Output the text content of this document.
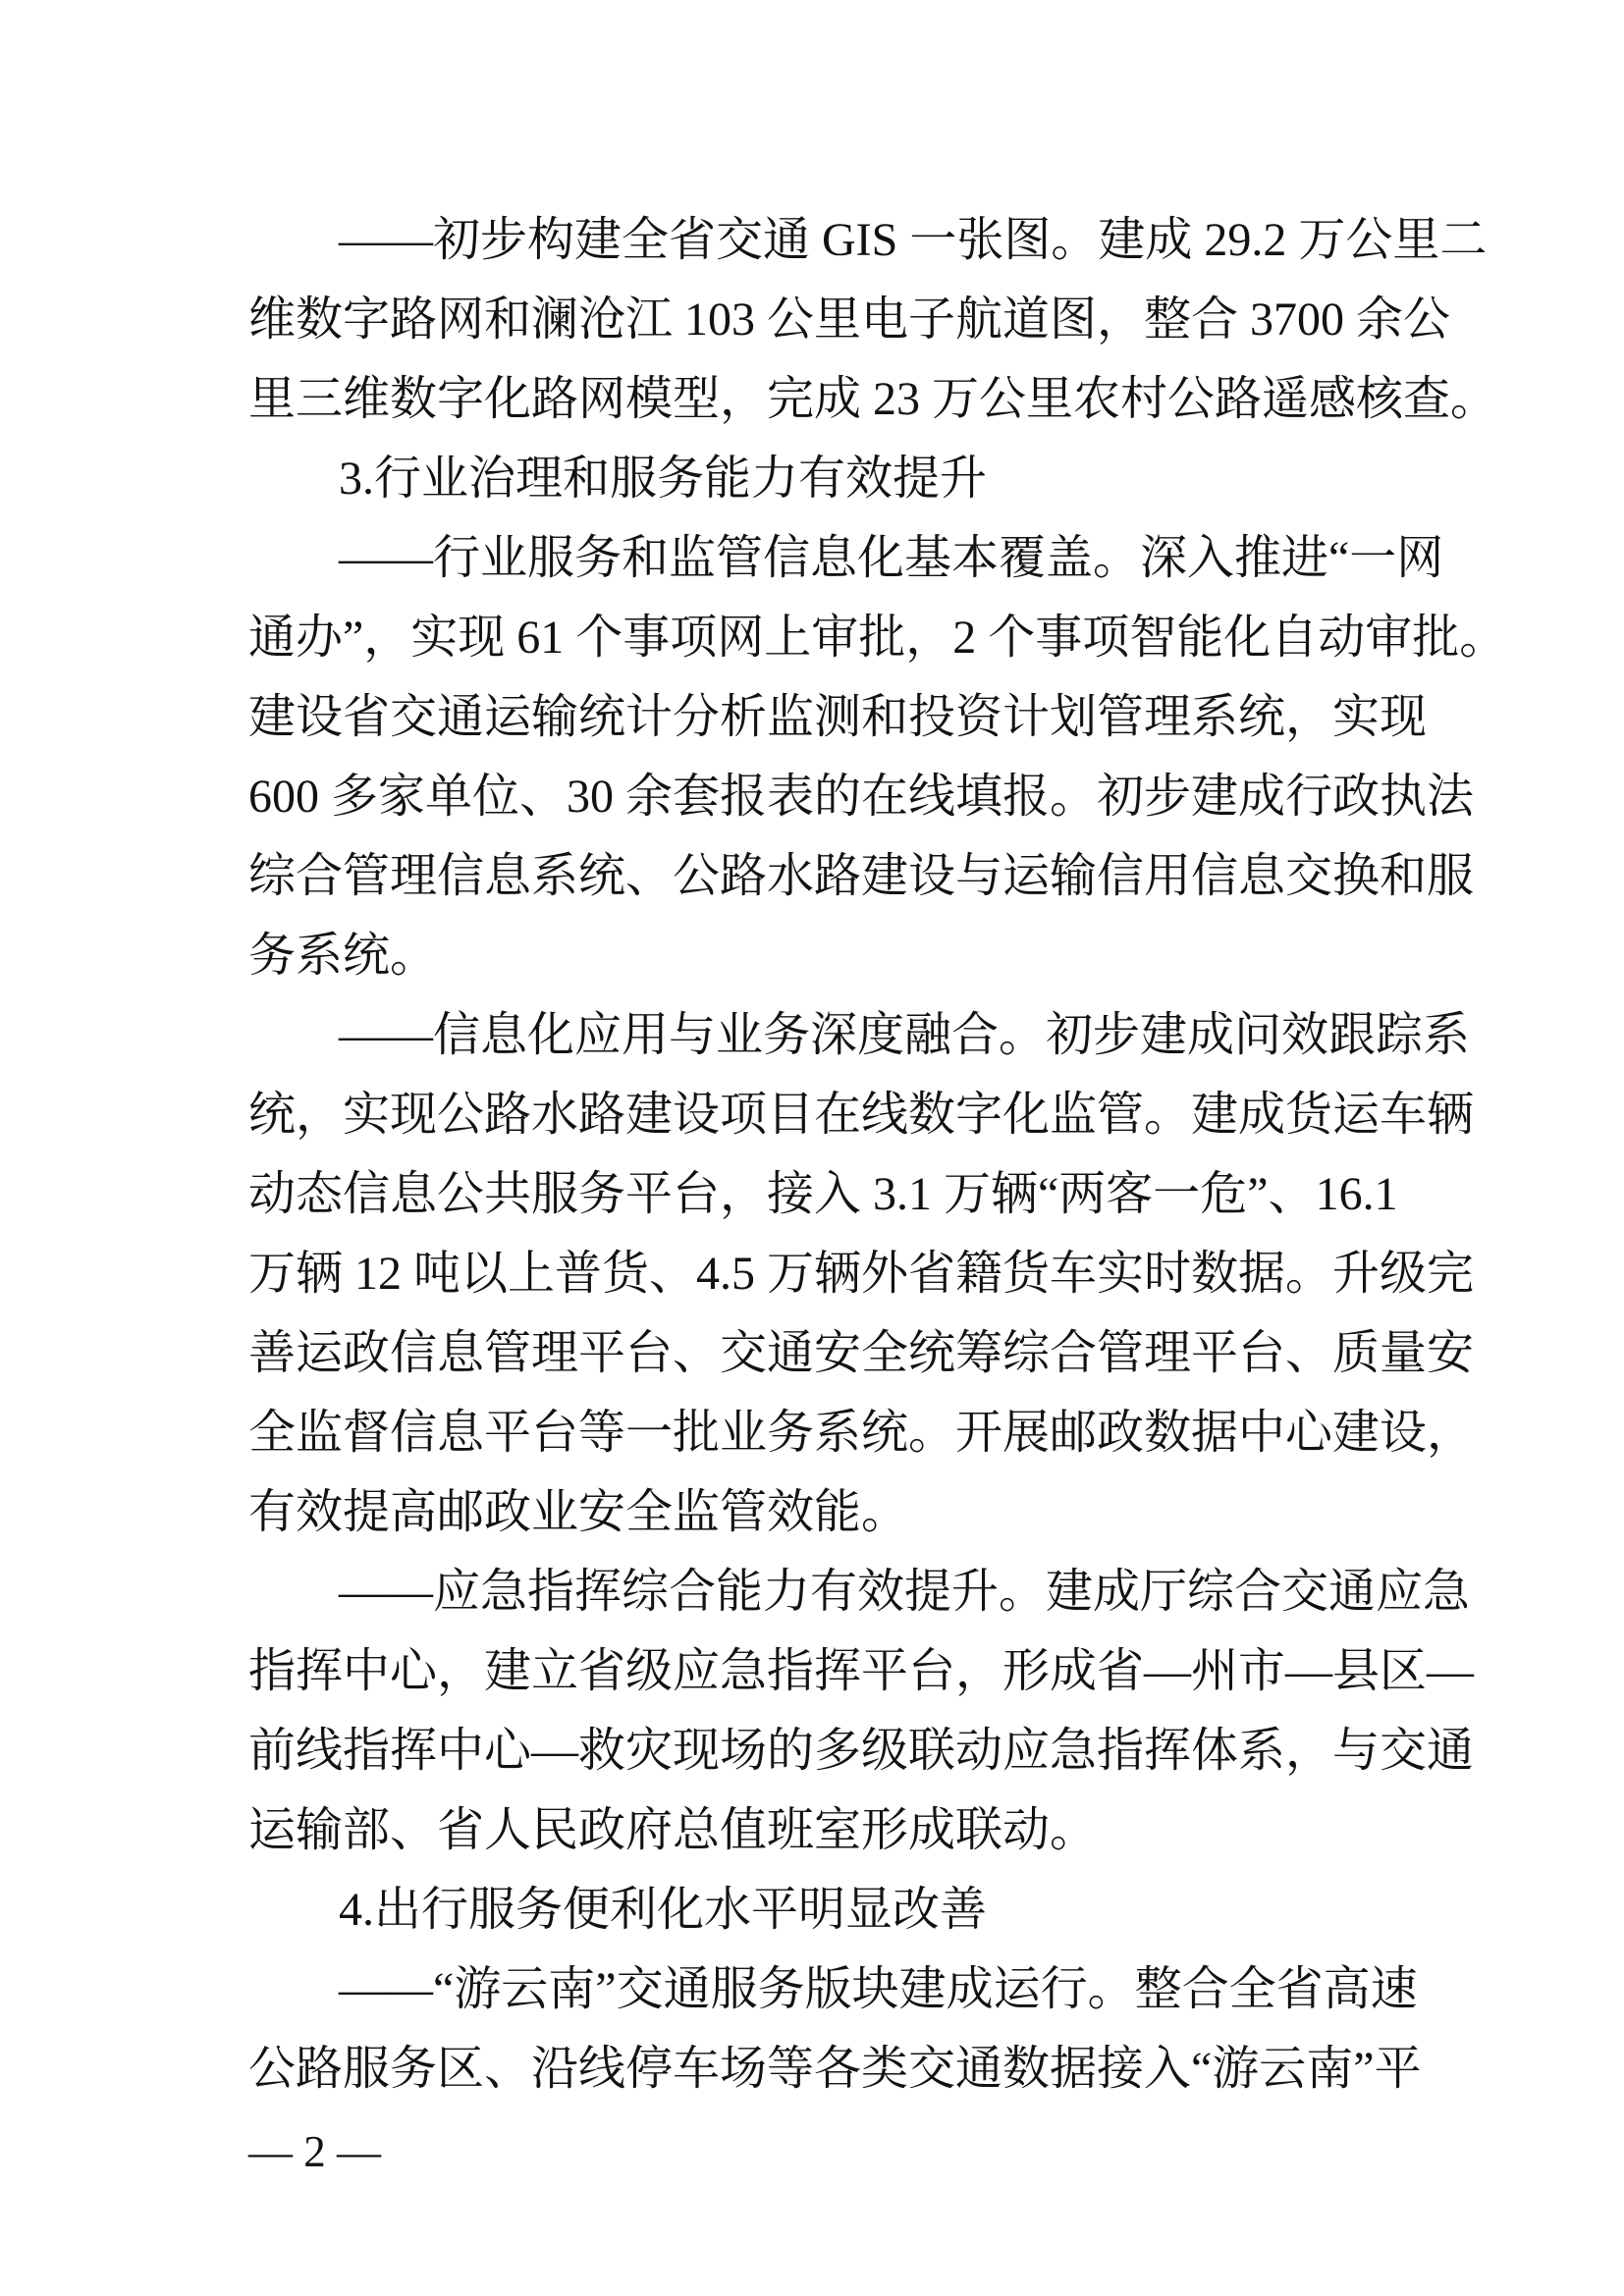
——初步构建全省交通 GIS 一张图。建成 29.2 万公里二
维数字路网和澜沧江 103 公里电子航道图，整合 3700 余公
里三维数字化路网模型，完成 23 万公里农村公路遥感核查。
3.行业治理和服务能力有效提升
——行业服务和监管信息化基本覆盖。深入推进“一网
通办”，实现 61 个事项网上审批，2 个事项智能化自动审批。
建设省交通运输统计分析监测和投资计划管理系统，实现
600 多家单位、30 余套报表的在线填报。初步建成行政执法
综合管理信息系统、公路水路建设与运输信用信息交换和服
务系统。
——信息化应用与业务深度融合。初步建成问效跟踪系
统，实现公路水路建设项目在线数字化监管。建成货运车辆
动态信息公共服务平台，接入 3.1 万辆“两客一危”、16.1
万辆 12 吨以上普货、4.5 万辆外省籍货车实时数据。升级完
善运政信息管理平台、交通安全统筹综合管理平台、质量安
全监督信息平台等一批业务系统。开展邮政数据中心建设，
有效提高邮政业安全监管效能。
——应急指挥综合能力有效提升。建成厅综合交通应急
指挥中心，建立省级应急指挥平台，形成省—州市—县区—
前线指挥中心—救灾现场的多级联动应急指挥体系，与交通
运输部、省人民政府总值班室形成联动。
4.出行服务便利化水平明显改善
——“游云南”交通服务版块建成运行。整合全省高速
公路服务区、沿线停车场等各类交通数据接入“游云南”平
— 2 —
